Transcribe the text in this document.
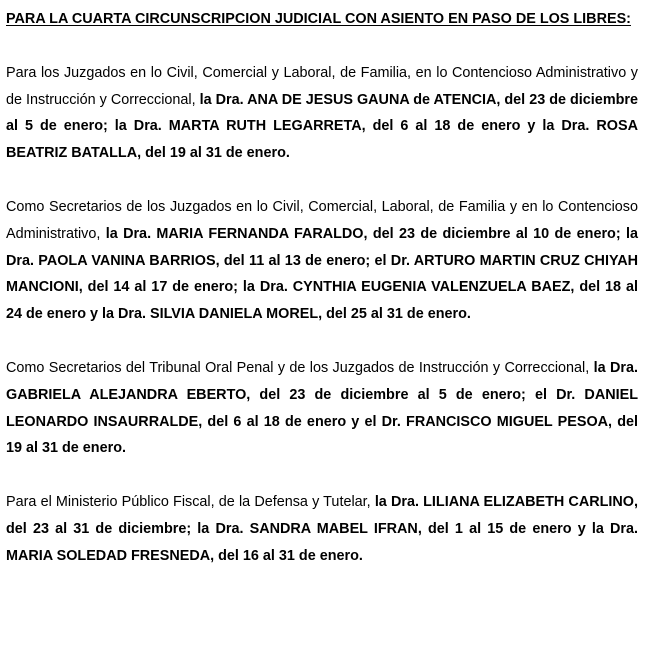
PARA LA CUARTA CIRCUNSCRIPCION JUDICIAL CON ASIENTO EN PASO DE LOS LIBRES:

Para los Juzgados en lo Civil, Comercial y Laboral, de Familia, en lo Contencioso Administrativo y de Instrucción y Correccional, la Dra. ANA DE JESUS GAUNA de ATENCIA, del 23 de diciembre al 5 de enero; la Dra. MARTA RUTH LEGARRETA, del 6 al 18 de enero y la Dra. ROSA BEATRIZ BATALLA, del 19 al 31 de enero.

Como Secretarios de los Juzgados en lo Civil, Comercial, Laboral, de Familia y en lo Contencioso Administrativo, la Dra. MARIA FERNANDA FARALDO, del 23 de diciembre al 10 de enero; la Dra. PAOLA VANINA BARRIOS, del 11 al 13 de enero; el Dr. ARTURO MARTIN CRUZ CHIYAH MANCIONI, del 14 al 17 de enero; la Dra. CYNTHIA EUGENIA VALENZUELA BAEZ, del 18 al 24 de enero y la Dra. SILVIA DANIELA MOREL, del 25 al 31 de enero.

Como Secretarios del Tribunal Oral Penal y de los Juzgados de Instrucción y Correccional, la Dra. GABRIELA ALEJANDRA EBERTO, del 23 de diciembre al 5 de enero; el Dr. DANIEL LEONARDO INSAURRALDE, del 6 al 18 de enero y el Dr. FRANCISCO MIGUEL PESOA, del 19 al 31 de enero.

Para el Ministerio Público Fiscal, de la Defensa y Tutelar, la Dra. LILIANA ELIZABETH CARLINO, del 23 al 31 de diciembre; la Dra. SANDRA MABEL IFRAN, del 1 al 15 de enero y la Dra. MARIA SOLEDAD FRESNEDA, del 16 al 31 de enero.
